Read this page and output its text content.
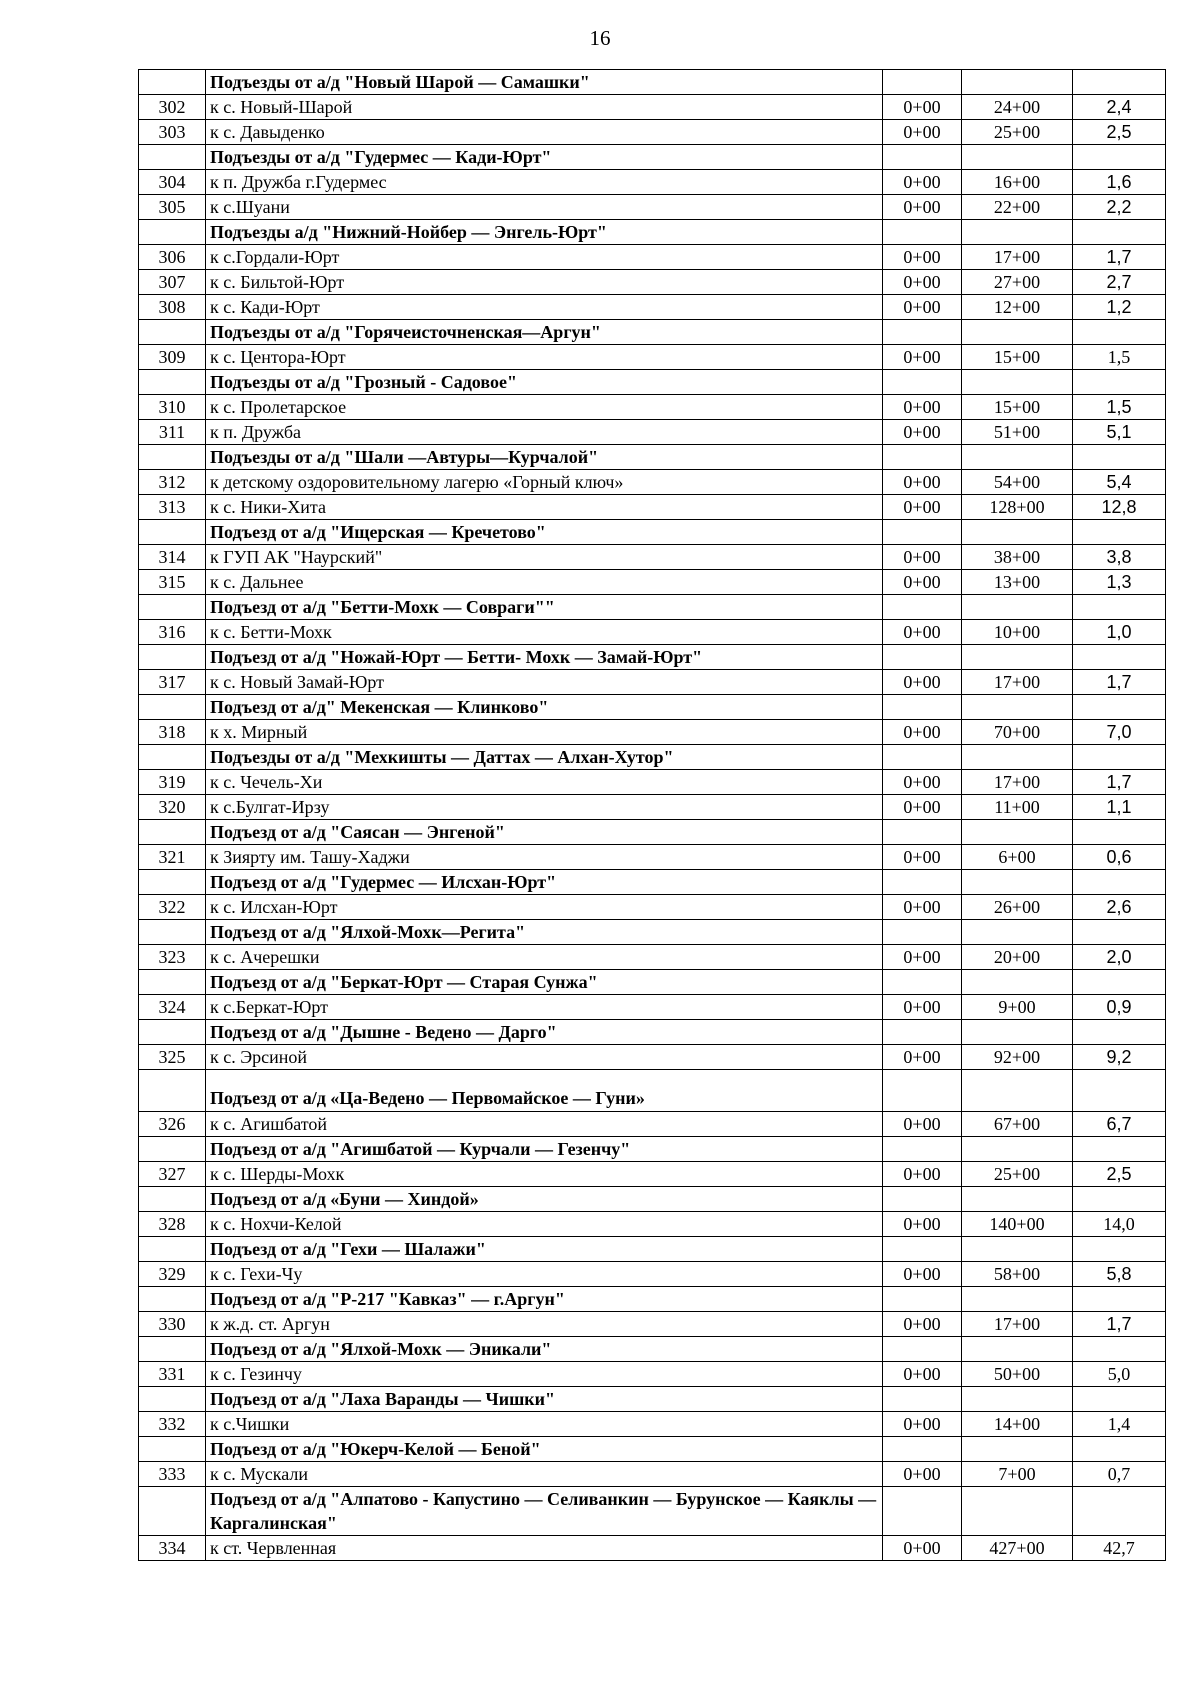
16
	Подъезды от а/д "Новый Шарой — Самашки"			
302	к с. Новый-Шарой	0+00	24+00	2,4
303	к с. Давыденко	0+00	25+00	2,5
	Подъезды от а/д "Гудермес — Кади-Юрт"			
304	к п. Дружба г.Гудермес	0+00	16+00	1,6
305	к с.Шуани	0+00	22+00	2,2
	Подъезды а/д "Нижний-Нойбер — Энгель-Юрт"			
306	к с.Гордали-Юрт	0+00	17+00	1,7
307	к с. Бильтой-Юрт	0+00	27+00	2,7
308	к с. Кади-Юрт	0+00	12+00	1,2
	Подъезды от а/д "Горячеисточненская—Аргун"			
309	к с. Центора-Юрт	0+00	15+00	1,5
	Подъезды от а/д "Грозный - Садовое"			
310	к с. Пролетарское	0+00	15+00	1,5
311	к п. Дружба	0+00	51+00	5,1
	Подъезды от а/д "Шали —Автуры—Курчалой"			
312	к детскому оздоровительному лагерю «Горный ключ»	0+00	54+00	5,4
313	к с. Ники-Хита	0+00	128+00	12,8
	Подъезд от а/д "Ищерская — Кречетово"			
314	к ГУП АК "Наурский"	0+00	38+00	3,8
315	к с. Дальнее	0+00	13+00	1,3
	Подъезд от а/д "Бетти-Мохк — Совраги""			
316	к с. Бетти-Мохк	0+00	10+00	1,0
	Подъезд от а/д "Ножай-Юрт — Бетти- Мохк — Замай-Юрт"			
317	к с. Новый Замай-Юрт	0+00	17+00	1,7
	Подъезд от а/д" Мекенская — Клинково"			
318	к х. Мирный	0+00	70+00	7,0
	Подъезды от а/д "Мехкишты — Даттах — Алхан-Хутор"			
319	к с. Чечель-Хи	0+00	17+00	1,7
320	к с.Булгат-Ирзу	0+00	11+00	1,1
	Подъезд от а/д "Саясан — Энгеной"			
321	к Зиярту им. Ташу-Хаджи	0+00	6+00	0,6
	Подъезд от а/д "Гудермес — Илсхан-Юрт"			
322	к с. Илсхан-Юрт	0+00	26+00	2,6
	Подъезд от а/д "Ялхой-Мохк—Регита"			
323	к с. Ачерешки	0+00	20+00	2,0
	Подъезд от а/д "Беркат-Юрт — Старая Сунжа"			
324	к с.Беркат-Юрт	0+00	9+00	0,9
	Подъезд от а/д "Дышне - Ведено — Дарго"			
325	к с. Эрсиной	0+00	92+00	9,2
	Подъезд от а/д «Ца-Ведено — Первомайское — Гуни»			
326	к с. Агишбатой	0+00	67+00	6,7
	Подъезд от а/д "Агишбатой — Курчали — Гезенчу"			
327	к с. Шерды-Мохк	0+00	25+00	2,5
	Подъезд от а/д «Буни — Хиндой»			
328	к с. Нохчи-Келой	0+00	140+00	14,0
	Подъезд от а/д "Гехи — Шалажи"			
329	к с. Гехи-Чу	0+00	58+00	5,8
	Подъезд от а/д "Р-217 "Кавказ" — г.Аргун"			
330	к ж.д. ст. Аргун	0+00	17+00	1,7
	Подъезд от а/д "Ялхой-Мохк — Эникали"			
331	к с. Гезинчу	0+00	50+00	5,0
	Подъезд от а/д "Лаха Варанды — Чишки"			
332	к с.Чишки	0+00	14+00	1,4
	Подъезд от а/д "Юкерч-Келой — Беной"			
333	к с. Мускали	0+00	7+00	0,7
	Подъезд от а/д "Алпатово - Капустино — Селиванкин — Бурунское — Каяклы — Каргалинская"			
334	к ст. Червленная	0+00	427+00	42,7
